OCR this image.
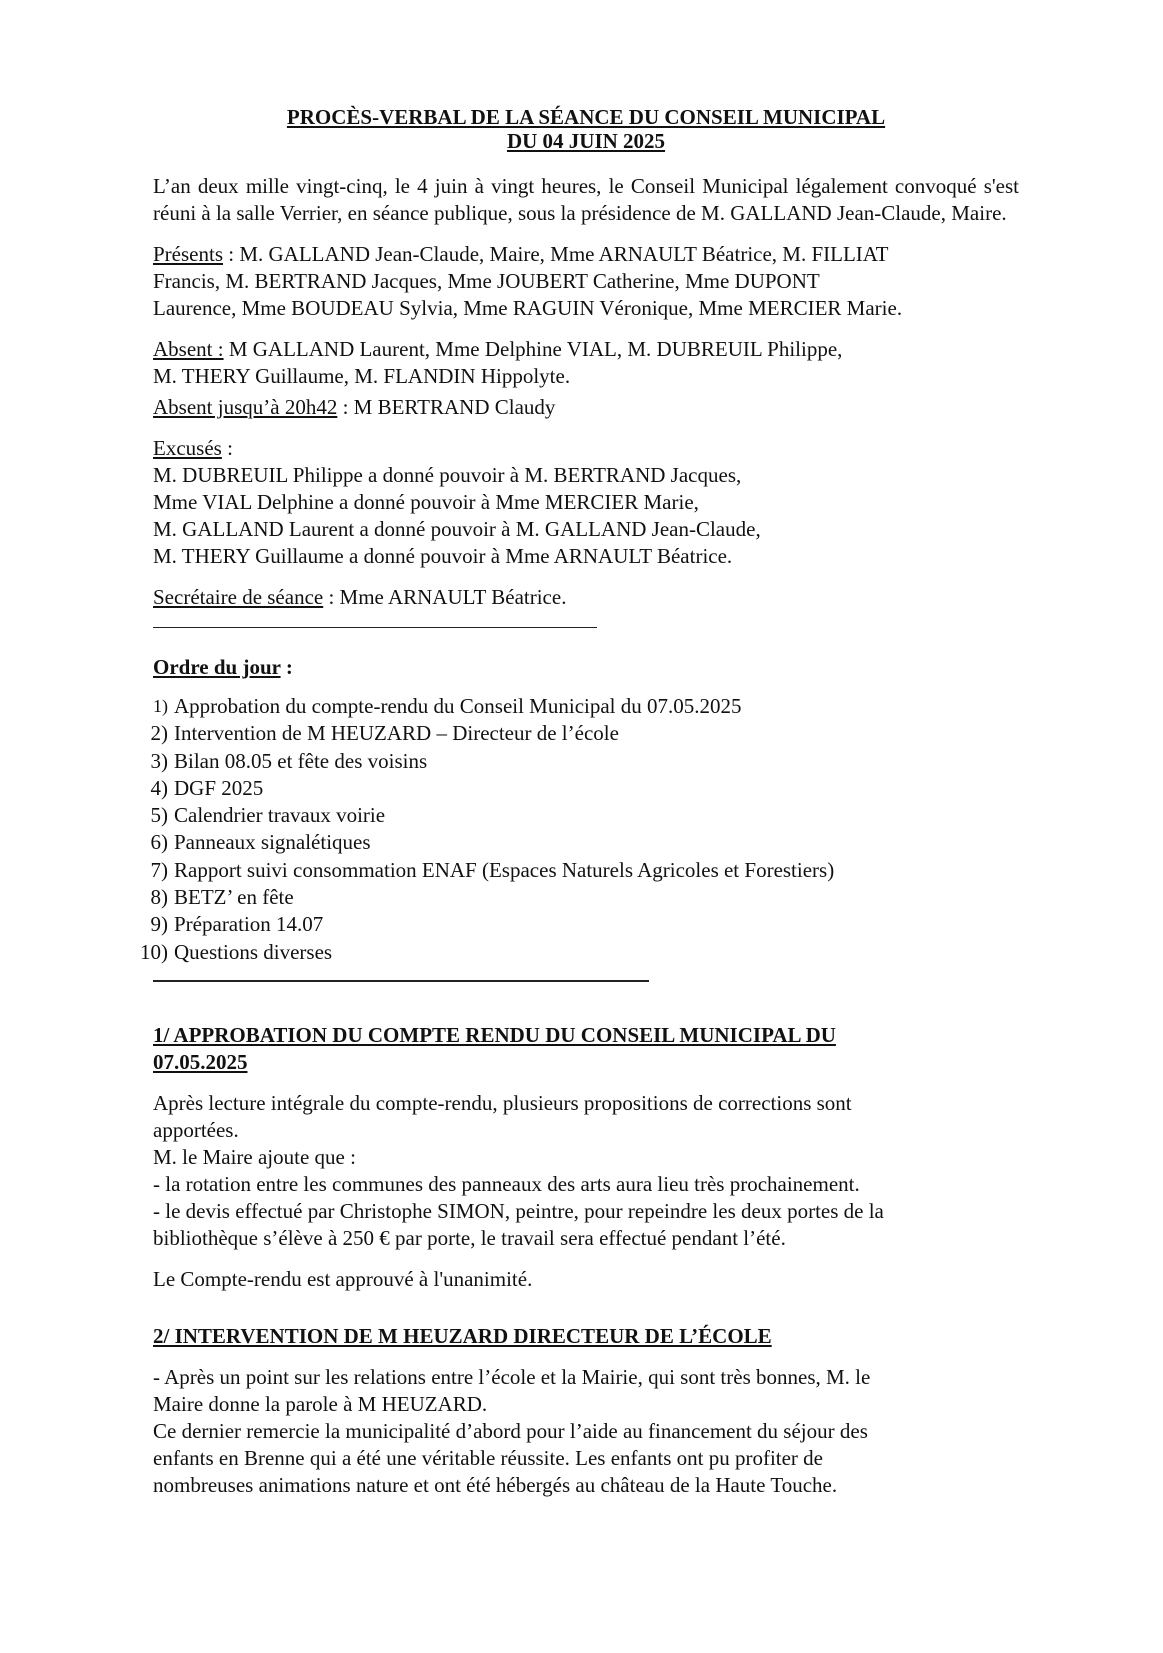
PROCÈS-VERBAL DE LA SÉANCE DU CONSEIL MUNICIPAL
DU 04 JUIN 2025

L’an deux mille vingt-cinq, le 4 juin à vingt heures, le Conseil Municipal légalement convoqué s'est réuni à la salle Verrier, en séance publique, sous la présidence de M. GALLAND Jean-Claude, Maire.

Présents : M. GALLAND Jean-Claude, Maire, Mme ARNAULT Béatrice, M. FILLIAT
Francis, M. BERTRAND Jacques, Mme JOUBERT Catherine, Mme DUPONT
Laurence, Mme BOUDEAU Sylvia, Mme RAGUIN Véronique, Mme MERCIER Marie.
Absent : M GALLAND Laurent, Mme Delphine VIAL, M. DUBREUIL Philippe,
M. THERY Guillaume, M. FLANDIN Hippolyte.
Absent jusqu’à 20h42 : M BERTRAND Claudy
Excusés :
M. DUBREUIL Philippe a donné pouvoir à M. BERTRAND Jacques,
Mme VIAL Delphine a donné pouvoir à Mme MERCIER Marie,
M. GALLAND Laurent a donné pouvoir à M. GALLAND Jean-Claude,
M. THERY Guillaume a donné pouvoir à Mme ARNAULT Béatrice.
Secrétaire de séance : Mme ARNAULT Béatrice.
Ordre du jour :
1) Approbation du compte-rendu du Conseil Municipal du 07.05.2025
2) Intervention de M HEUZARD – Directeur de l’école
3) Bilan 08.05 et fête des voisins
4) DGF 2025
5) Calendrier travaux voirie
6) Panneaux signalétiques
7) Rapport suivi consommation ENAF (Espaces Naturels Agricoles et Forestiers)
8) BETZ’ en fête
9) Préparation 14.07
10) Questions diverses
1/ APPROBATION DU COMPTE RENDU DU CONSEIL MUNICIPAL DU
07.05.2025
Après lecture intégrale du compte-rendu, plusieurs propositions de corrections sont
apportées.
M. le Maire ajoute que :
- la rotation entre les communes des panneaux des arts aura lieu très prochainement.
- le devis effectué par Christophe SIMON, peintre, pour repeindre les deux portes de la
bibliothèque s’élève à 250 € par porte, le travail sera effectué pendant l’été.

Le Compte-rendu est approuvé à l'unanimité.

2/ INTERVENTION DE M HEUZARD DIRECTEUR DE L’ÉCOLE
- Après un point sur les relations entre l’école et la Mairie, qui sont très bonnes, M. le
Maire donne la parole à M HEUZARD.
Ce dernier remercie la municipalité d’abord pour l’aide au financement du séjour des
enfants en Brenne qui a été une véritable réussite. Les enfants ont pu profiter de
nombreuses animations nature et ont été hébergés au château de la Haute Touche.
